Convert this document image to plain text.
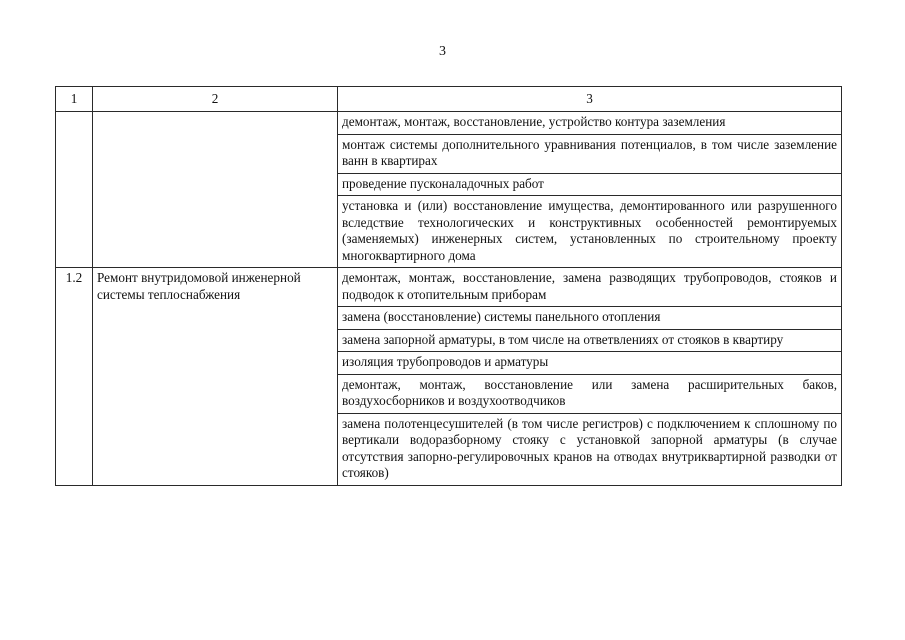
3
1	2	3
		демонтаж, монтаж, восстановление, устройство контура заземления
		монтаж системы дополнительного уравнивания потенциалов, в том числе заземление ванн в квартирах
		проведение пусконаладочных работ
		установка и (или) восстановление имущества, демонтированного или разрушенного вследствие технологических и конструктивных особенностей ремонтируемых (заменяемых) инженерных систем, установленных по строительному проекту многоквартирного дома
1.2	Ремонт внутридомовой инженерной системы теплоснабжения	демонтаж, монтаж, восстановление, замена разводящих трубопроводов, стояков и подводок к отопительным приборам
		замена (восстановление) системы панельного отопления
		замена запорной арматуры, в том числе на ответвлениях от стояков в квартиру
		изоляция трубопроводов и арматуры
		демонтаж, монтаж, восстановление или замена расширительных баков, воздухосборников и воздухоотводчиков
		замена полотенцесушителей (в том числе регистров) с подключением к сплошному по вертикали водоразборному стояку с установкой запорной арматуры (в случае отсутствия запорно-регулировочных кранов на отводах внутриквартирной разводки от стояков)
